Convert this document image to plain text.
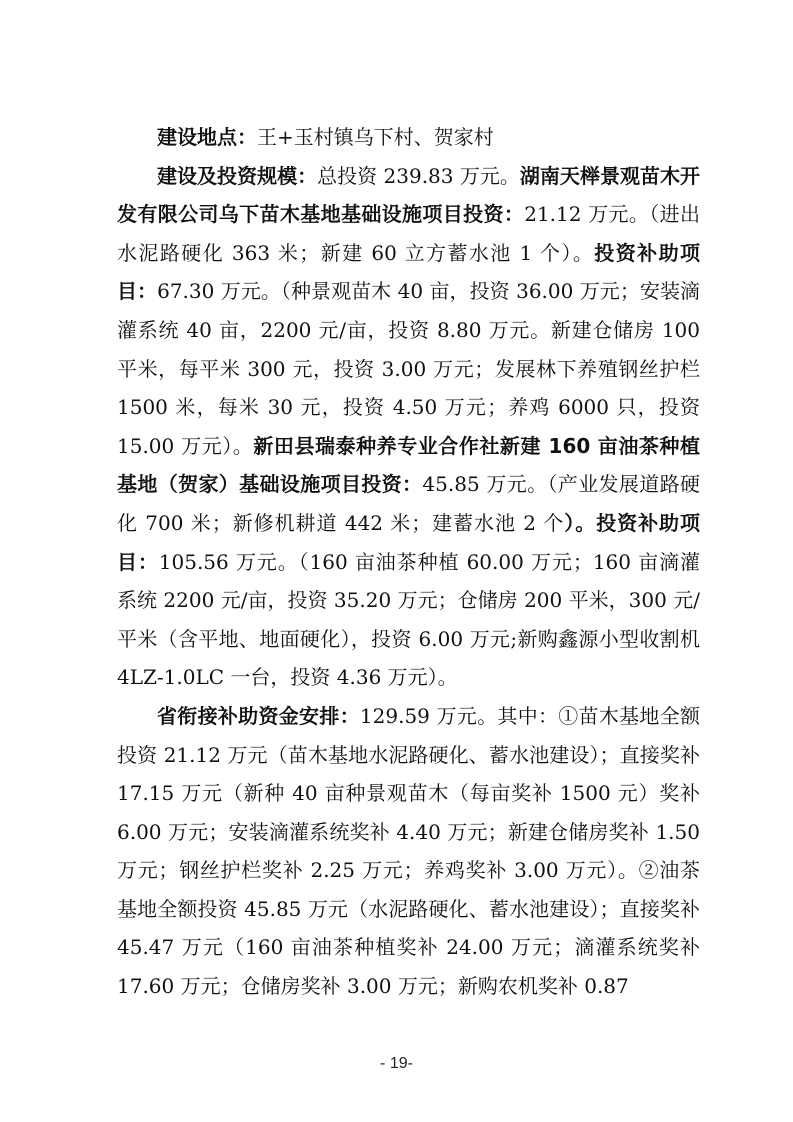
建设地点：王+玉村镇乌下村、贺家村

建设及投资规模：总投资 239.83 万元。湖南天榉景观苗木开发有限公司乌下苗木基地基础设施项目投资：21.12 万元。（进出水泥路硬化 363 米；新建 60 立方蓄水池 1 个）。投资补助项目：67.30 万元。（种景观苗木 40 亩，投资 36.00 万元；安装滴灌系统 40 亩，2200 元/亩，投资 8.80 万元。新建仓储房 100 平米，每平米 300 元，投资 3.00 万元；发展林下养殖钢丝护栏 1500 米，每米 30 元，投资 4.50 万元；养鸡 6000 只，投资 15.00 万元）。新田县瑞泰种养专业合作社新建 160 亩油茶种植基地（贺家）基础设施项目投资：45.85 万元。（产业发展道路硬化 700 米；新修机耕道 442 米；建蓄水池 2 个）。投资补助项目：105.56 万元。（160 亩油茶种植 60.00 万元；160 亩滴灌系统 2200 元/亩，投资 35.20 万元；仓储房 200 平米，300 元/平米（含平地、地面硬化），投资 6.00 万元;新购鑫源小型收割机 4LZ-1.0LC 一台，投资 4.36 万元）。

省衔接补助资金安排：129.59 万元。其中：①苗木基地全额投资 21.12 万元（苗木基地水泥路硬化、蓄水池建设）；直接奖补 17.15 万元（新种 40 亩种景观苗木（每亩奖补 1500 元）奖补 6.00 万元；安装滴灌系统奖补 4.40 万元；新建仓储房奖补 1.50 万元；钢丝护栏奖补 2.25 万元；养鸡奖补 3.00 万元）。②油茶基地全额投资 45.85 万元（水泥路硬化、蓄水池建设）；直接奖补 45.47 万元（160 亩油茶种植奖补 24.00 万元；滴灌系统奖补 17.60 万元；仓储房奖补 3.00 万元；新购农机奖补 0.87

- 19-
